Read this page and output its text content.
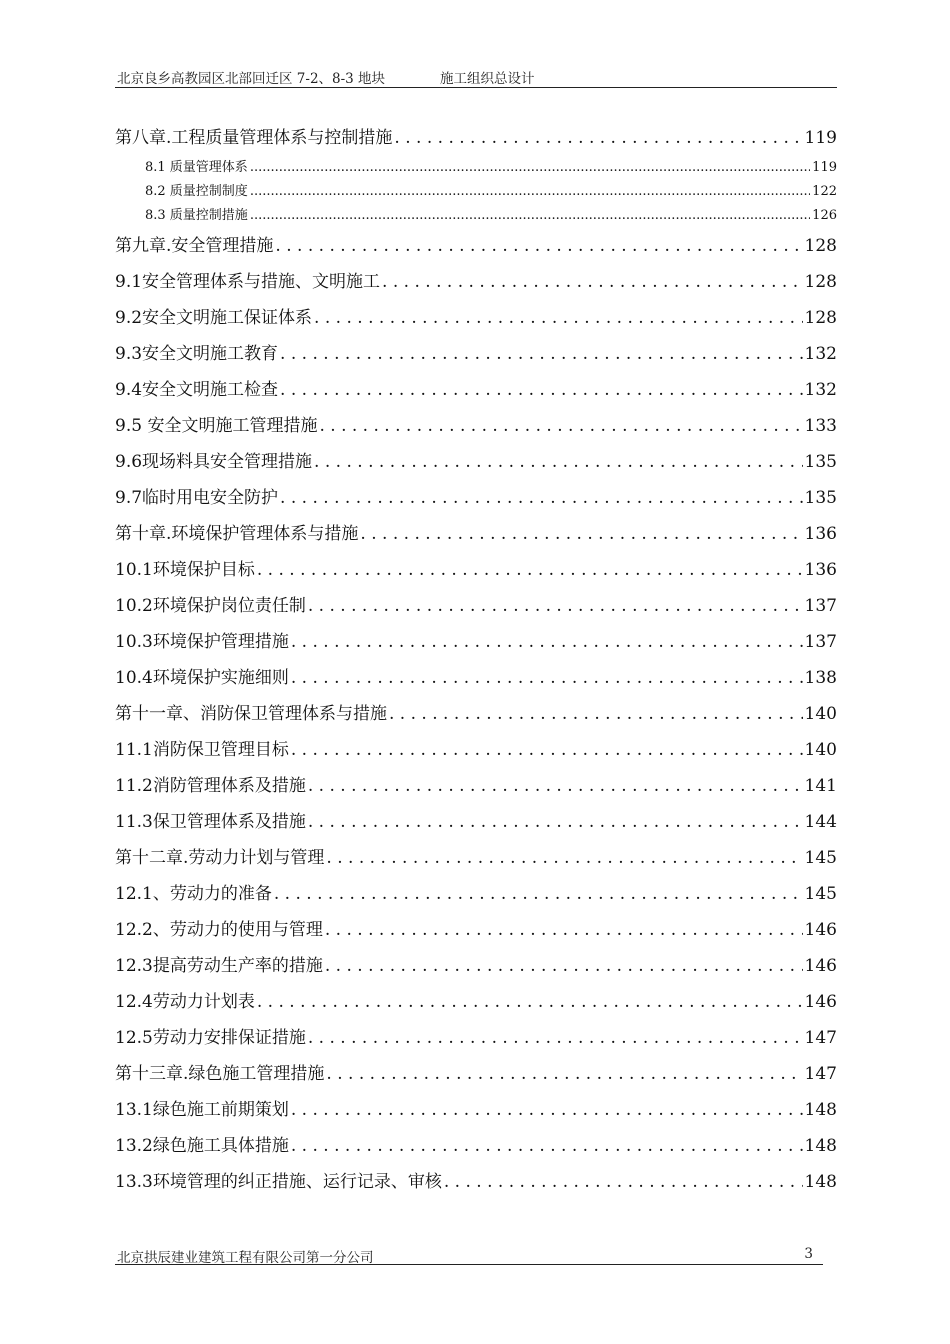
北京良乡高教园区北部回迁区 7-2、8-3 地块	施工组织总设计
第八章.工程质量管理体系与控制措施 . . .	119
8.1 质量管理体系 .....	119
8.2 质量控制制度 .....	122
8.3 质量控制措施 .....	126
第九章.安全管理措施 . . .	128
9.1安全管理体系与措施、文明施工 . . .	128
9.2安全文明施工保证体系 . . .	128
9.3安全文明施工教育 . . .	132
9.4安全文明施工检查 . . .	132
9.5 安全文明施工管理措施 . . .	133
9.6现场料具安全管理措施 . . .	135
9.7临时用电安全防护 . . .	135
第十章.环境保护管理体系与措施 . . .	136
10.1环境保护目标 . . .	136
10.2环境保护岗位责任制 . . .	137
10.3环境保护管理措施 . . .	137
10.4环境保护实施细则 . . .	138
第十一章、消防保卫管理体系与措施 . . .	140
11.1消防保卫管理目标 . . .	140
11.2消防管理体系及措施 . . .	141
11.3保卫管理体系及措施 . . .	144
第十二章.劳动力计划与管理 . . .	145
12.1、劳动力的准备 . . .	145
12.2、劳动力的使用与管理 . . .	146
12.3提高劳动生产率的措施 . . .	146
12.4劳动力计划表 . . .	146
12.5劳动力安排保证措施 . . .	147
第十三章.绿色施工管理措施 . . .	147
13.1绿色施工前期策划 . . .	148
13.2绿色施工具体措施 . . .	148
13.3环境管理的纠正措施、运行记录、审核 . . .	148
北京拱辰建业建筑工程有限公司第一分公司	3
